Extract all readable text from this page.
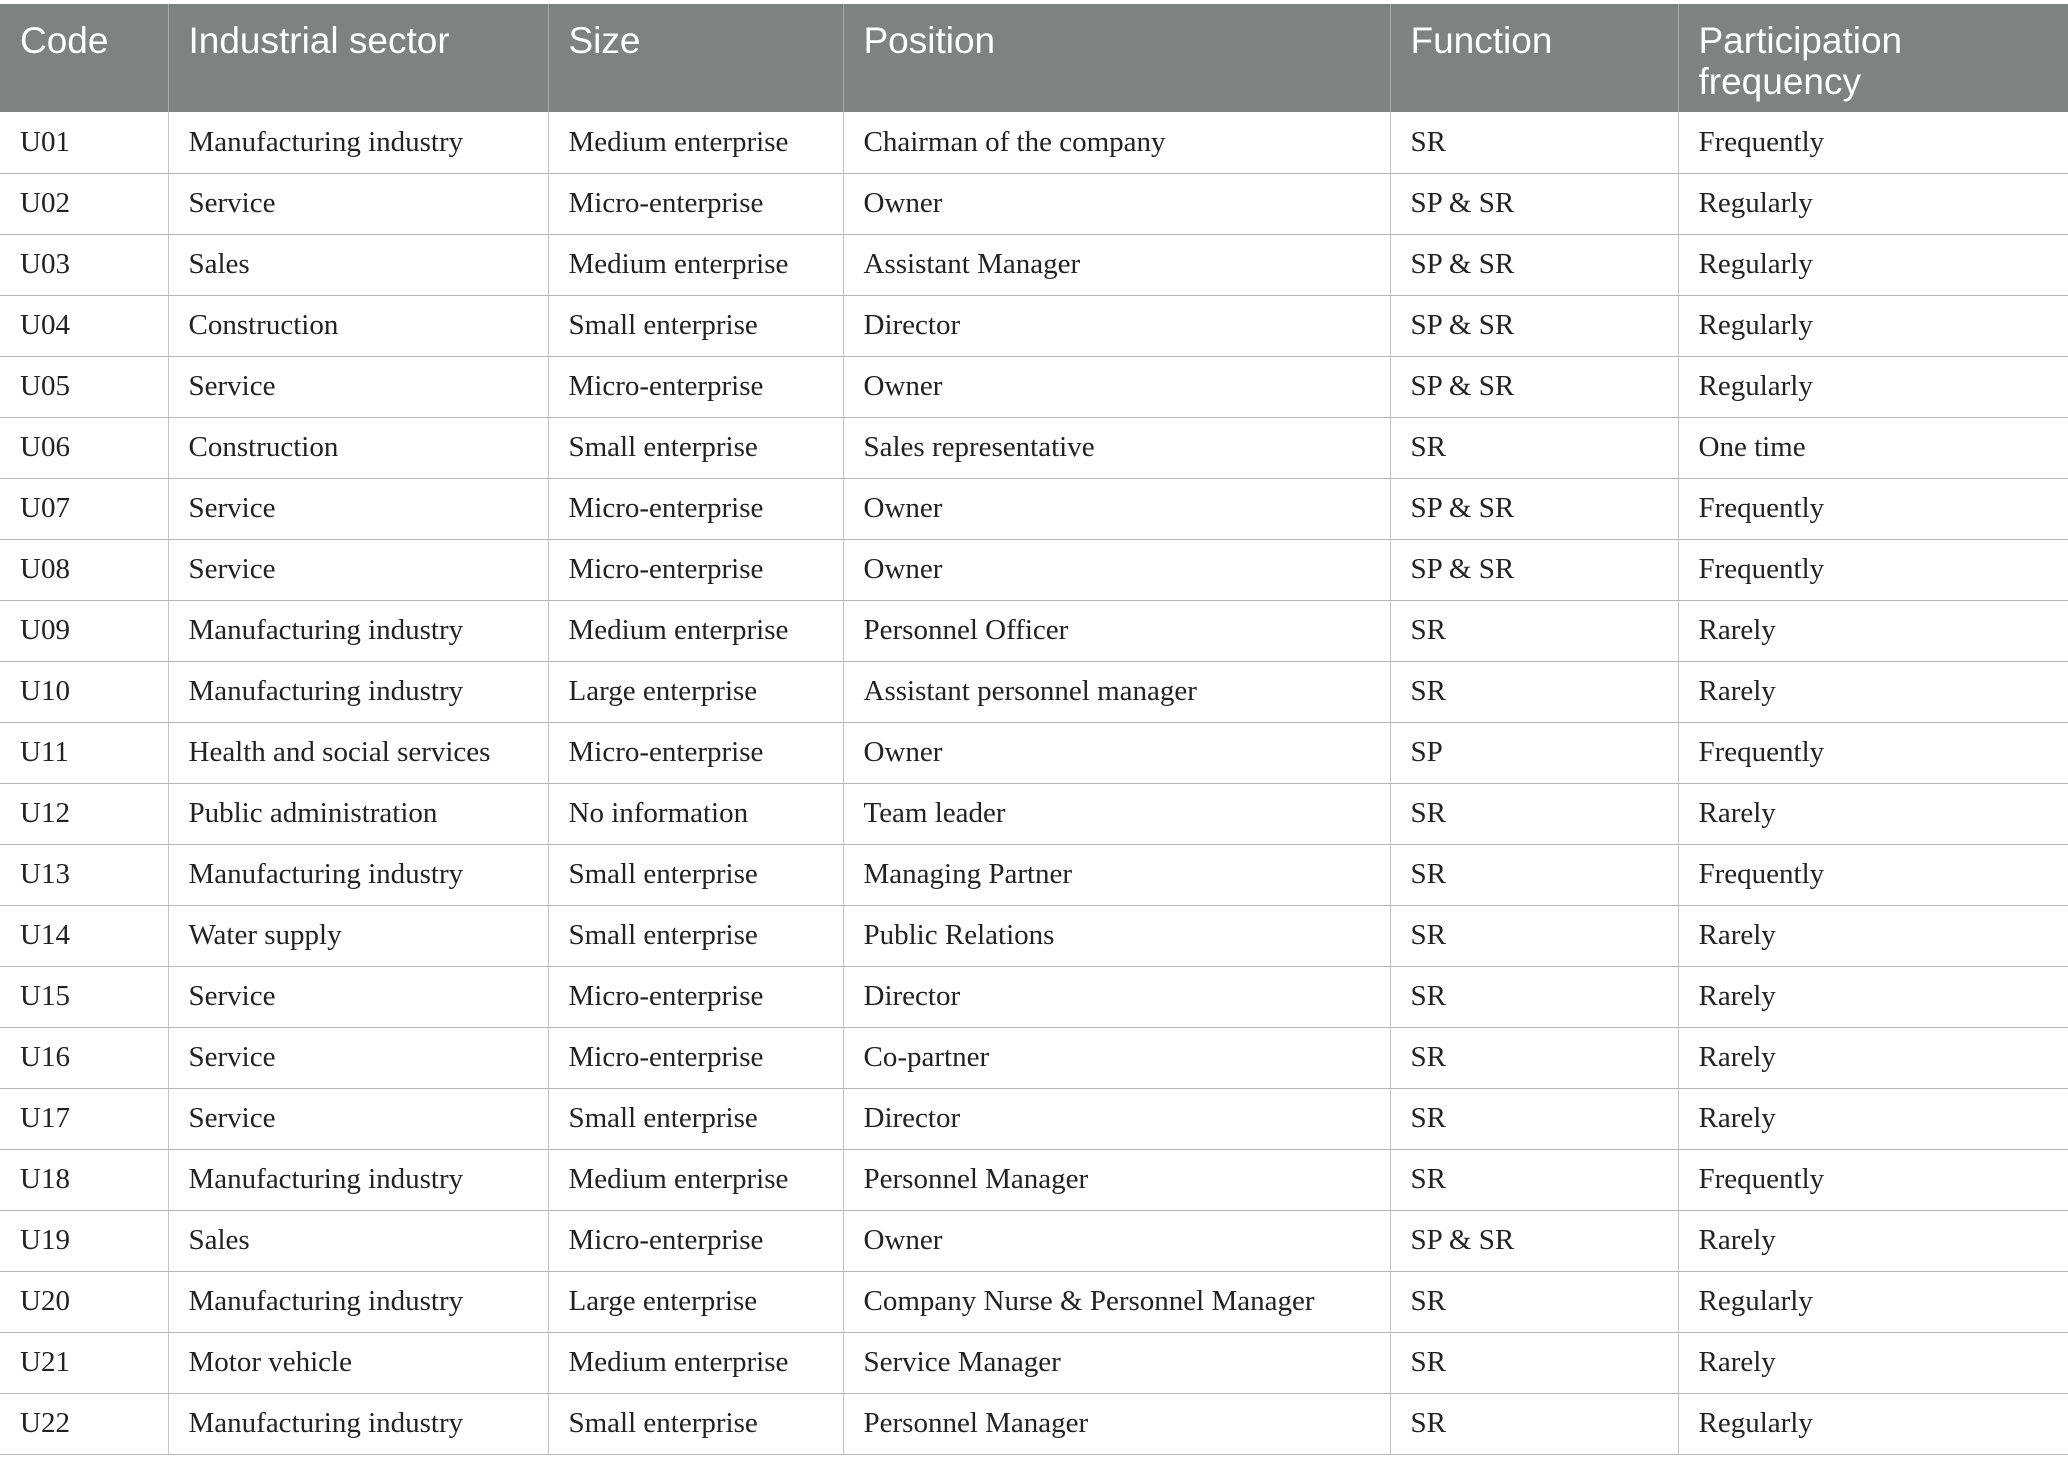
Code	Industrial sector	Size	Position	Function	Participation frequency
U01	Manufacturing industry	Medium enterprise	Chairman of the company	SR	Frequently
U02	Service	Micro-enterprise	Owner	SP & SR	Regularly
U03	Sales	Medium enterprise	Assistant Manager	SP & SR	Regularly
U04	Construction	Small enterprise	Director	SP & SR	Regularly
U05	Service	Micro-enterprise	Owner	SP & SR	Regularly
U06	Construction	Small enterprise	Sales representative	SR	One time
U07	Service	Micro-enterprise	Owner	SP & SR	Frequently
U08	Service	Micro-enterprise	Owner	SP & SR	Frequently
U09	Manufacturing industry	Medium enterprise	Personnel Officer	SR	Rarely
U10	Manufacturing industry	Large enterprise	Assistant personnel manager	SR	Rarely
U11	Health and social services	Micro-enterprise	Owner	SP	Frequently
U12	Public administration	No information	Team leader	SR	Rarely
U13	Manufacturing industry	Small enterprise	Managing Partner	SR	Frequently
U14	Water supply	Small enterprise	Public Relations	SR	Rarely
U15	Service	Micro-enterprise	Director	SR	Rarely
U16	Service	Micro-enterprise	Co-partner	SR	Rarely
U17	Service	Small enterprise	Director	SR	Rarely
U18	Manufacturing industry	Medium enterprise	Personnel Manager	SR	Frequently
U19	Sales	Micro-enterprise	Owner	SP & SR	Rarely
U20	Manufacturing industry	Large enterprise	Company Nurse & Personnel Manager	SR	Regularly
U21	Motor vehicle	Medium enterprise	Service Manager	SR	Rarely
U22	Manufacturing industry	Small enterprise	Personnel Manager	SR	Regularly
